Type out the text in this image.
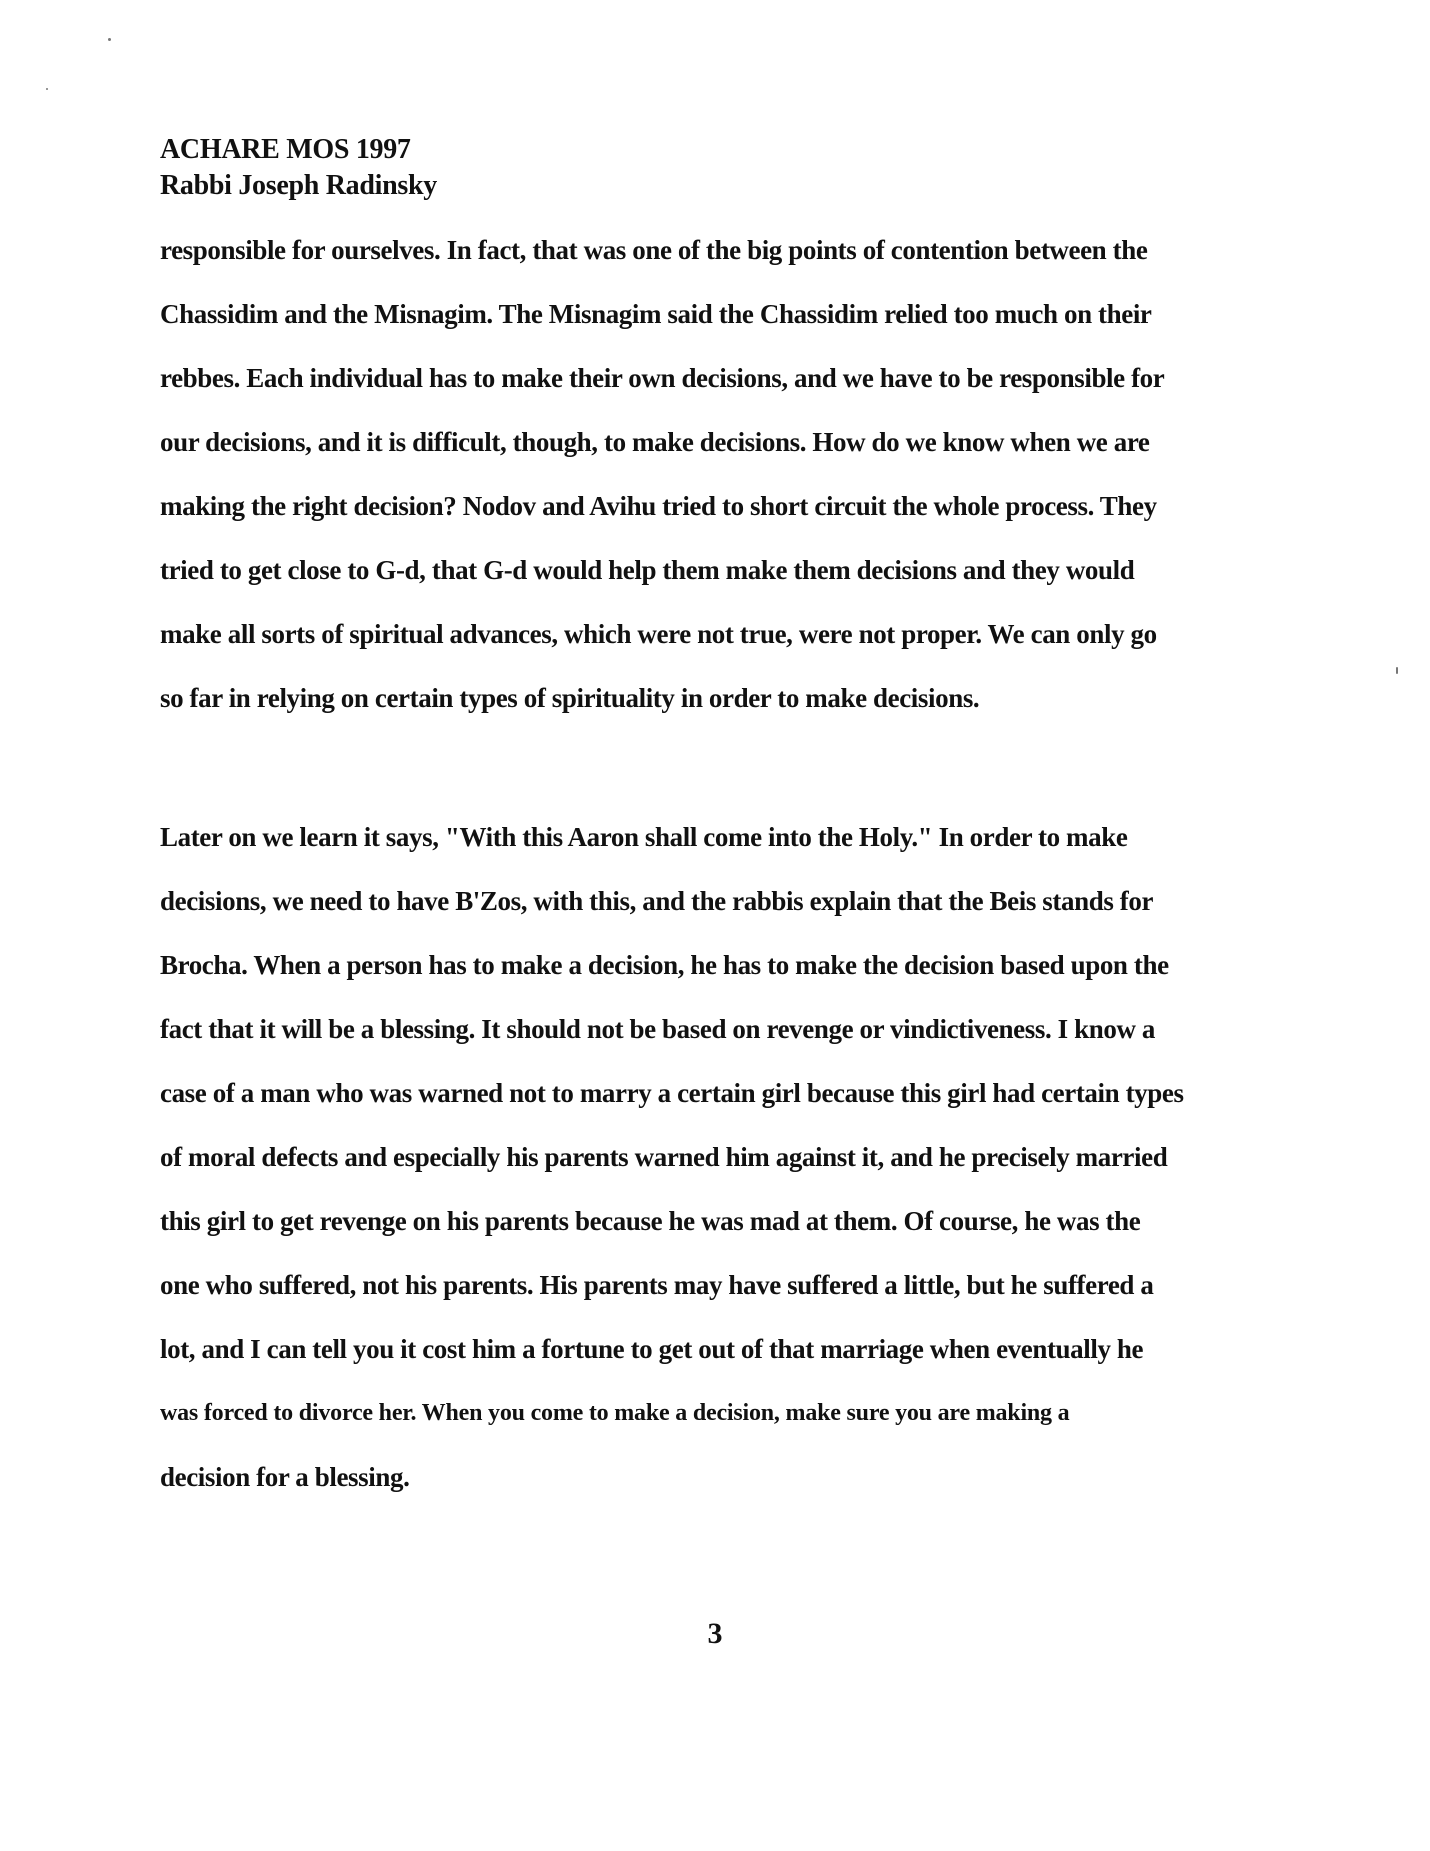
ACHARE MOS 1997
Rabbi Joseph Radinsky
responsible for ourselves. In fact, that was one of the big points of contention between the
Chassidim and the Misnagim. The Misnagim said the Chassidim relied too much on their
rebbes. Each individual has to make their own decisions, and we have to be responsible for
our decisions, and it is difficult, though, to make decisions. How do we know when we are
making the right decision? Nodov and Avihu tried to short circuit the whole process. They
tried to get close to G-d, that G-d would help them make them decisions and they would
make all sorts of spiritual advances, which were not true, were not proper. We can only go
so far in relying on certain types of spirituality in order to make decisions.
Later on we learn it says, "With this Aaron shall come into the Holy." In order to make
decisions, we need to have B'Zos, with this, and the rabbis explain that the Beis stands for
Brocha. When a person has to make a decision, he has to make the decision based upon the
fact that it will be a blessing. It should not be based on revenge or vindictiveness. I know a
case of a man who was warned not to marry a certain girl because this girl had certain types
of moral defects and especially his parents warned him against it, and he precisely married
this girl to get revenge on his parents because he was mad at them. Of course, he was the
one who suffered, not his parents. His parents may have suffered a little, but he suffered a
lot, and I can tell you it cost him a fortune to get out of that marriage when eventually he
was forced to divorce her. When you come to make a decision, make sure you are making a
decision for a blessing.
3
